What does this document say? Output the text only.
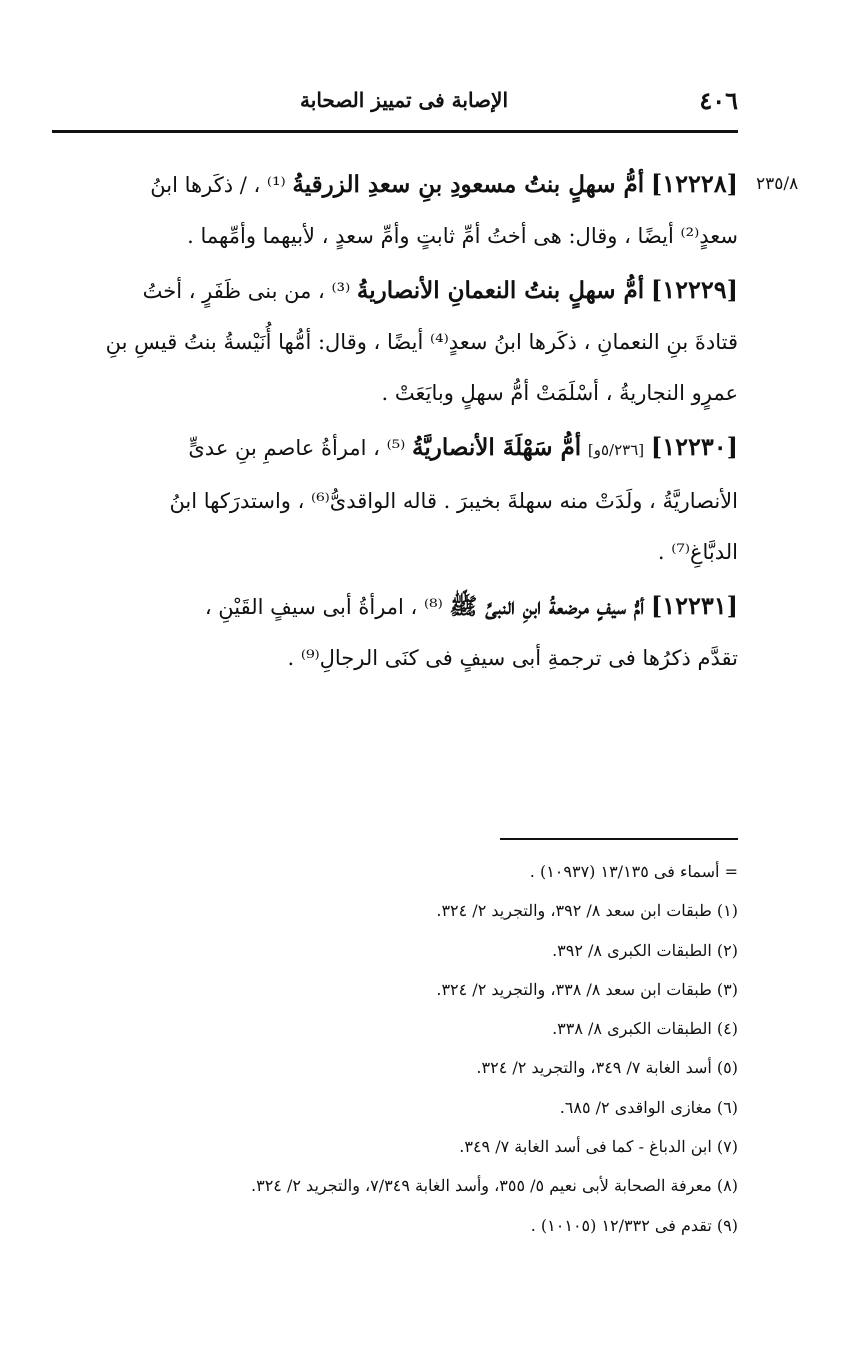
٤٠٦
الإصابة فى تمييز الصحابة
٢٣٥/٨

[١٢٢٢٨] أمُّ سهلٍ بنتُ مسعودِ بنِ سعدِ الزرقيةُ ⁽¹⁾ ، / ذكَرها ابنُ

سعدٍ⁽²⁾ أيضًا ، وقال: هى أختُ أمِّ ثابتٍ وأمِّ سعدٍ ، لأبيهما وأمِّهما .

[١٢٢٢٩] أمُّ سهلٍ بنتُ النعمانِ الأنصاريةُ ⁽³⁾ ، من بنى ظَفَرٍ ، أختُ

قتادةَ بنِ النعمانِ ، ذكَرها ابنُ سعدٍ⁽⁴⁾ أيضًا ، وقال: أمُّها أُنَيْسةُ بنتُ قيسِ بنِ

عمرٍو النجاريةُ ، أسْلَمَتْ أمُّ سهلٍ وبايَعَتْ .

[١٢٢٣٠] [٥/٢٣٦و] أمُّ سَهْلَةَ الأنصاريَّةُ ⁽⁵⁾ ، امرأةُ عاصمِ بنِ عدىٍّ

الأنصاريَّةُ ، ولَدَتْ منه سهلةَ بخيبرَ . قاله الواقدىُّ⁽⁶⁾ ، واستدرَكها ابنُ

الدبَّاغِ⁽⁷⁾ .

[١٢٢٣١] أمُّ سيفٍ مرضعةُ ابنِ النبىِّ ﷺ ⁽⁸⁾ ، امرأةُ أبى سيفٍ القَيْنِ ،

تقدَّم ذكرُها فى ترجمةِ أبى سيفٍ فى كنَى الرجالِ⁽⁹⁾ .

= أسماء فى ١٣/١٣٥ (١٠٩٣٧) .
(١) طبقات ابن سعد ٨/ ٣٩٢، والتجريد ٢/ ٣٢٤.
(٢) الطبقات الكبرى ٨/ ٣٩٢.
(٣) طبقات ابن سعد ٨/ ٣٣٨، والتجريد ٢/ ٣٢٤.
(٤) الطبقات الكبرى ٨/ ٣٣٨.
(٥) أسد الغابة ٧/ ٣٤٩، والتجريد ٢/ ٣٢٤.
(٦) مغازى الواقدى ٢/ ٦٨٥.
(٧) ابن الدباغ - كما فى أسد الغابة ٧/ ٣٤٩.
(٨) معرفة الصحابة لأبى نعيم ٥/ ٣٥٥، وأسد الغابة ٧/٣٤٩، والتجريد ٢/ ٣٢٤.
(٩) تقدم فى ١٢/٣٣٢ (١٠١٠٥) .
